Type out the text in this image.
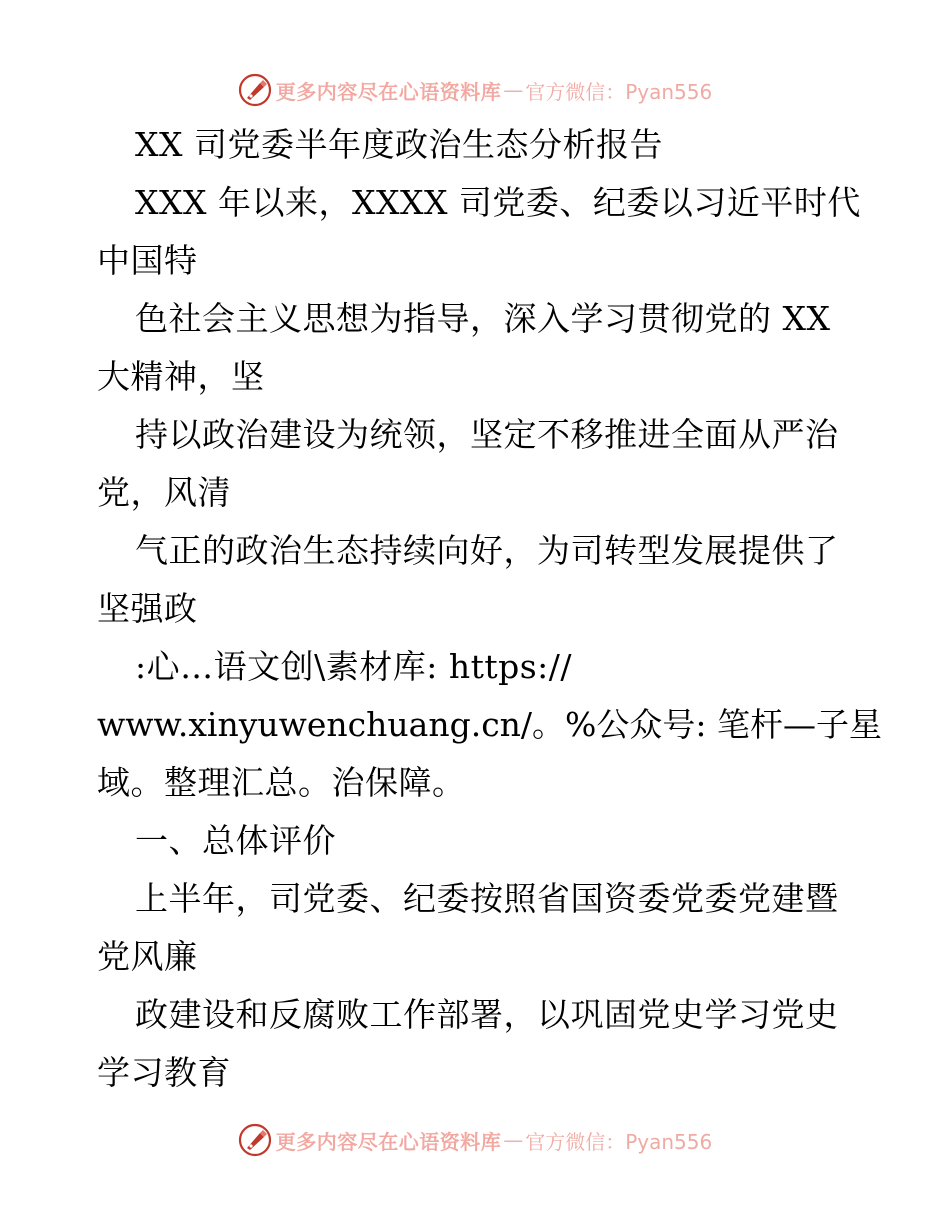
更多内容尽在心语资料库 — 官方微信：Pyan556
XX 司党委半年度政治生态分析报告
XXX 年以来，XXXX 司党委、纪委以习近平时代
中国特
色社会主义思想为指导，深入学习贯彻党的 XX
大精神，坚
持以政治建设为统领，坚定不移推进全面从严治
党，风清
气正的政治生态持续向好，为司转型发展提供了
坚强政
:心…语文创\素材库: https://
www.xinyuwenchuang.cn/。%公众号: 笔杆—子星
域。整理汇总。治保障。
一、总体评价
上半年，司党委、纪委按照省国资委党委党建暨
党风廉
政建设和反腐败工作部署，以巩固党史学习党史
学习教育
更多内容尽在心语资料库 — 官方微信：Pyan556
